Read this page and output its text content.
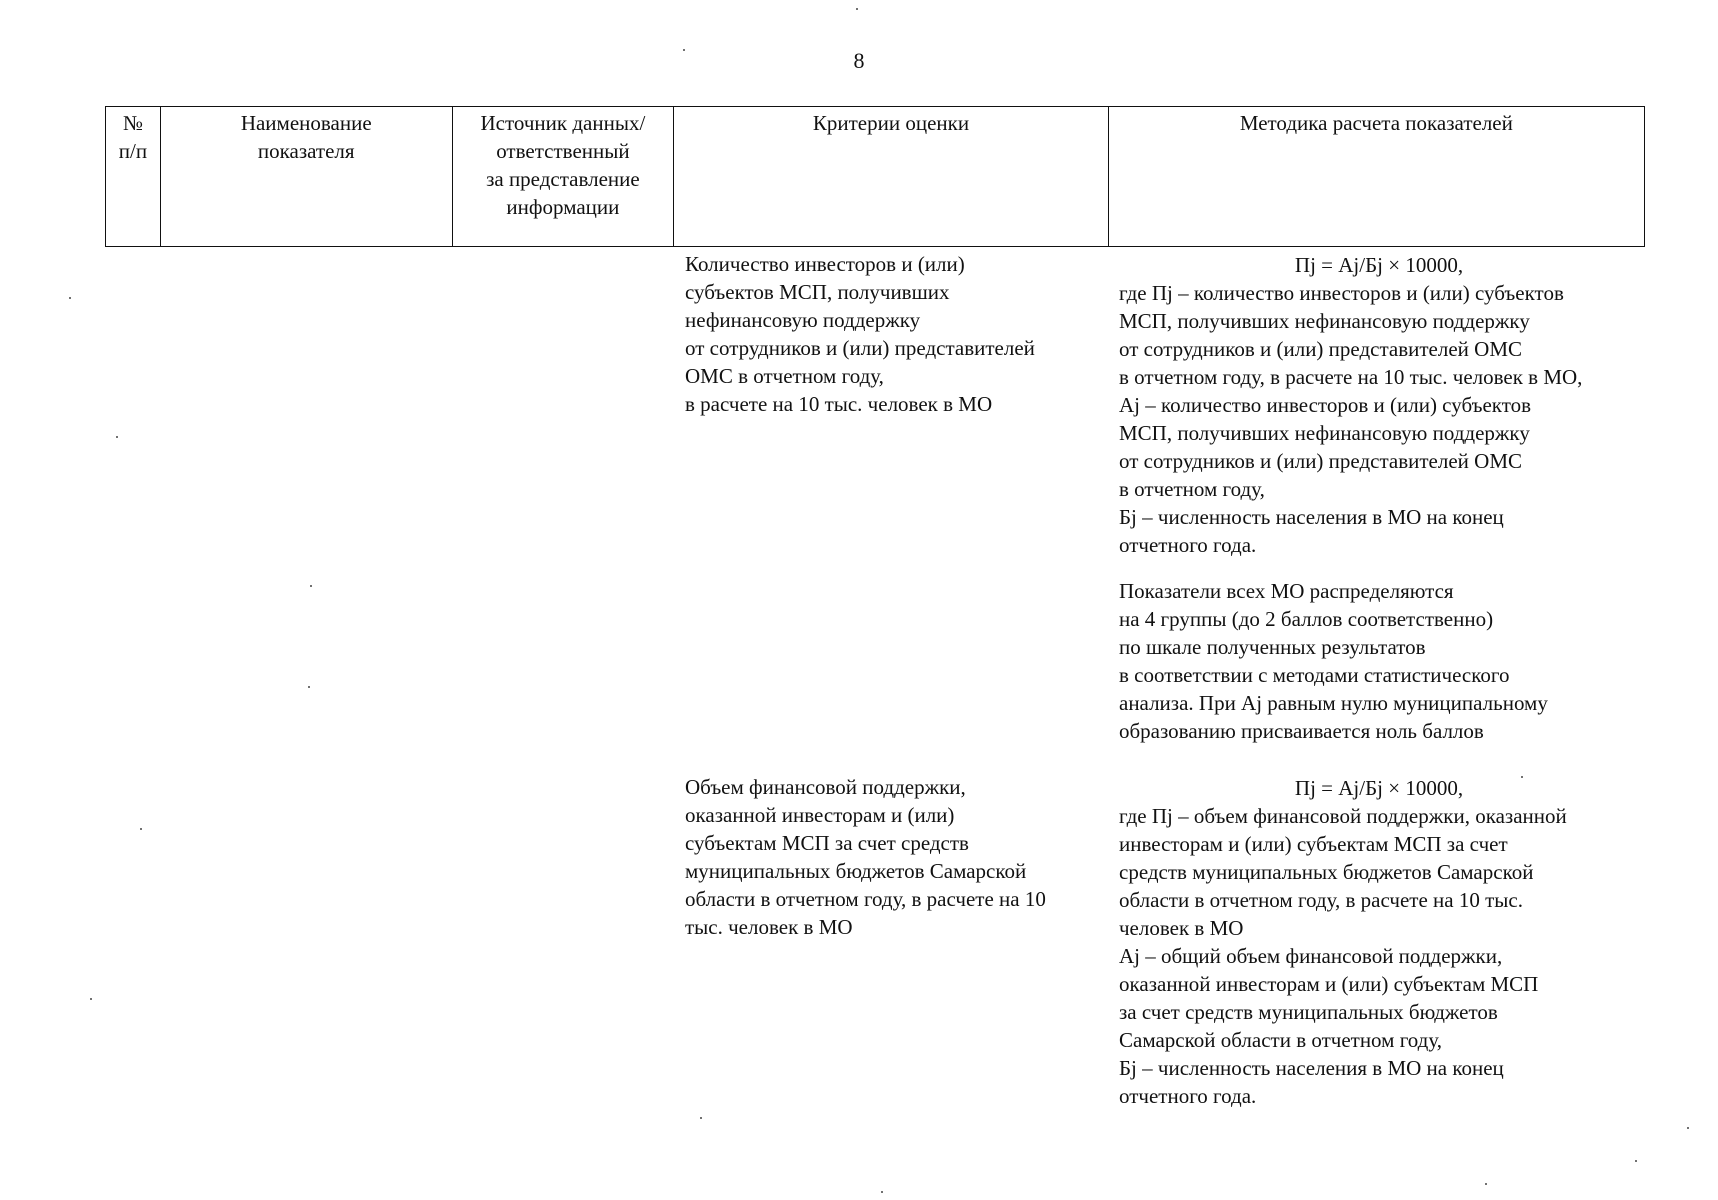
8
№
п/п
Наименование
показателя
Источник данных/
ответственный
за представление
информации
Критерии оценки	Методика расчета показателей
Количество инвесторов и (или)
субъектов МСП, получивших
нефинансовую поддержку
от сотрудников и (или) представителей
ОМС в отчетном году,
в расчете на 10 тыс. человек в МО
Пj = Аj/Бj × 10000,
где Пj – количество инвесторов и (или) субъектов
МСП, получивших нефинансовую поддержку
от сотрудников и (или) представителей ОМС
в отчетном году, в расчете на 10 тыс. человек в МО,
Аj – количество инвесторов и (или) субъектов
МСП, получивших нефинансовую поддержку
от сотрудников и (или) представителей ОМС
в отчетном году,
Бj – численность населения в МО на конец
отчетного года.
Показатели всех МО распределяются
на 4 группы (до 2 баллов соответственно)
по шкале полученных результатов
в соответствии с методами статистического
анализа. При Аj равным нулю муниципальному
образованию присваивается ноль баллов
Объем финансовой поддержки,
оказанной инвесторам и (или)
субъектам МСП за счет средств
муниципальных бюджетов Самарской
области в отчетном году, в расчете на 10
тыс. человек в МО
Пj = Аj/Бj × 10000,
где Пj – объем финансовой поддержки, оказанной
инвесторам и (или) субъектам МСП за счет
средств муниципальных бюджетов Самарской
области в отчетном году, в расчете на 10 тыс.
человек в МО
Аj – общий объем финансовой поддержки,
оказанной инвесторам и (или) субъектам МСП
за счет средств муниципальных бюджетов
Самарской области в отчетном году,
Бj – численность населения в МО на конец
отчетного года.
